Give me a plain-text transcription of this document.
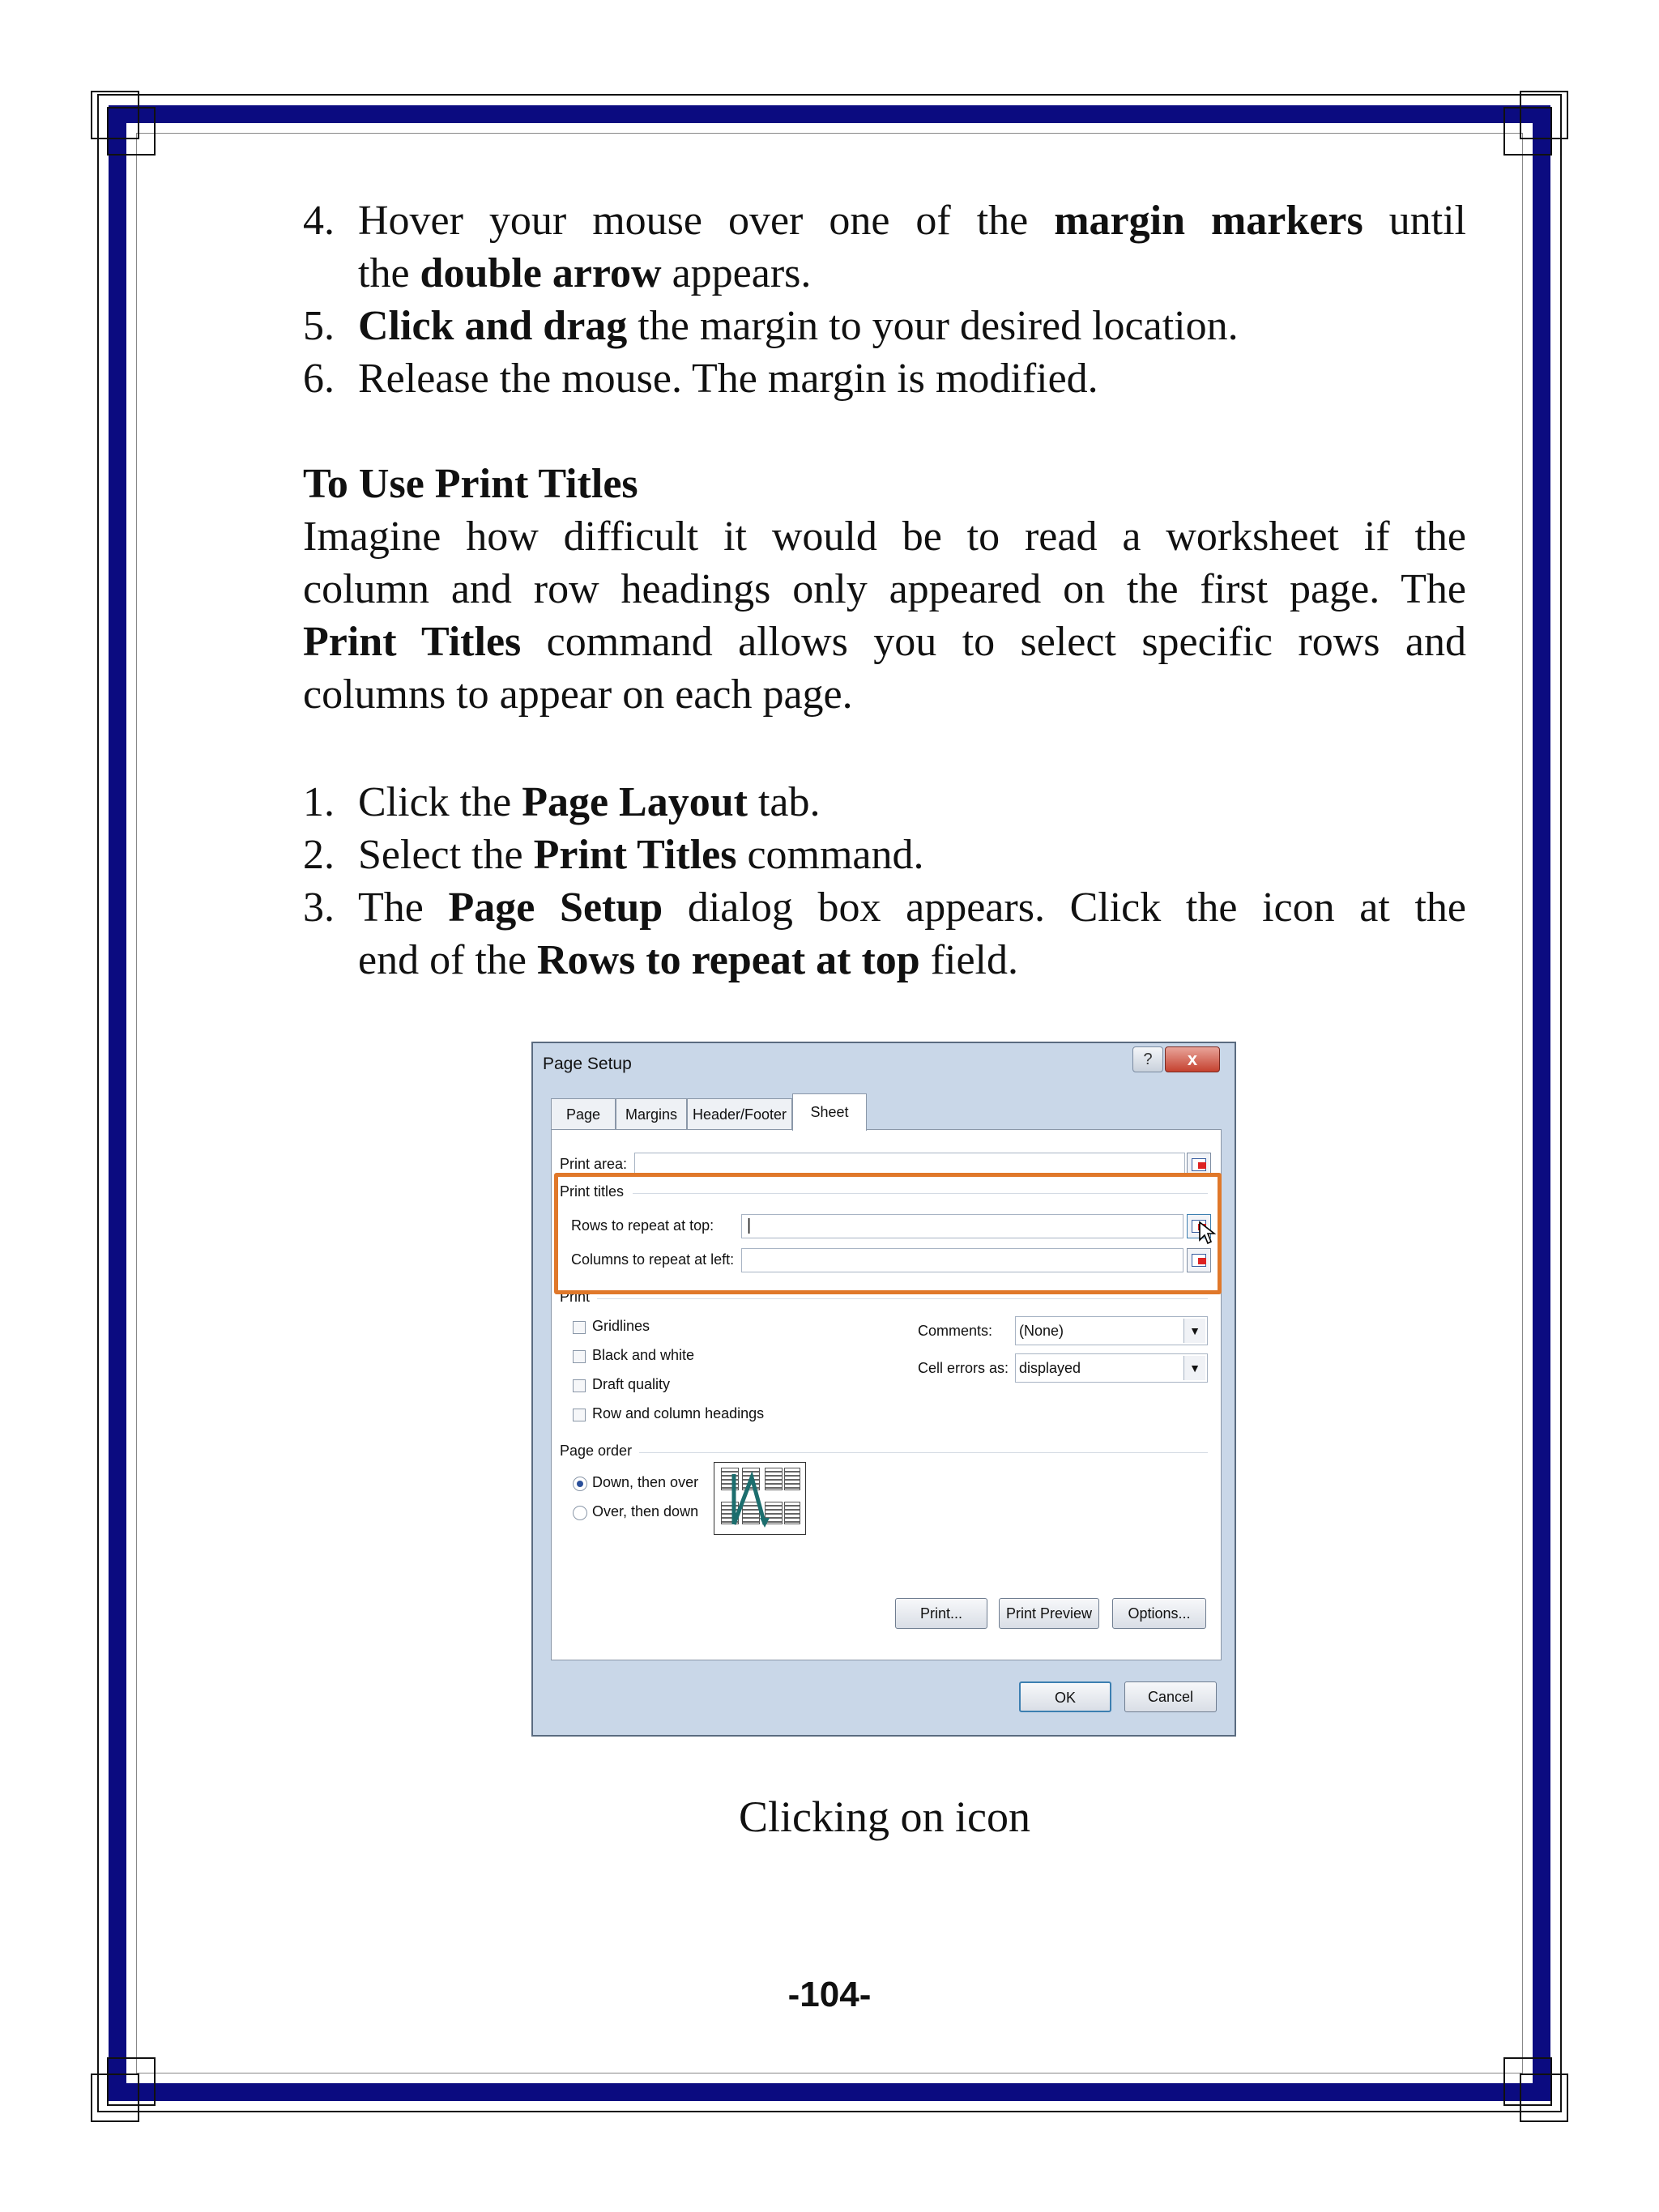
4. Hover your mouse over one of the margin markers until
the double arrow appears.
5. Click and drag the margin to your desired location.
6. Release the mouse. The margin is modified.
To Use Print Titles
Imagine how difficult it would be to read a worksheet if the
column and row headings only appeared on the first page. The
Print Titles command allows you to select specific rows and
columns to appear on each page.
1. Click the Page Layout tab.
2. Select the Print Titles command.
3. The Page Setup dialog box appears. Click the icon at the
end of the Rows to repeat at top field.
Page Setup	?	x
Page	Margins	Header/Footer	Sheet
Print area:
Print titles
Rows to repeat at top: |
Columns to repeat at left:
Print
Gridlines
Black and white
Draft quality
Row and column headings
Comments: (None)	▼
Cell errors as: displayed	▼
Page order
Down, then over
Over, then down
Print...	Print Preview	Options...
OK	Cancel
Clicking on icon
-104-
